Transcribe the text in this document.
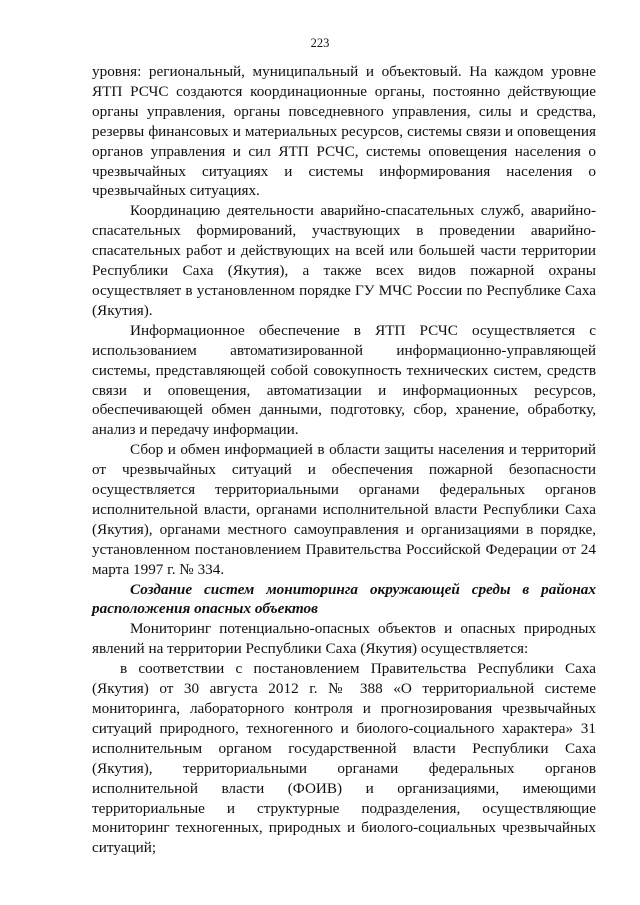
223

уровня: региональный, муниципальный и объектовый. На каждом уровне ЯТП РСЧС создаются координационные органы, постоянно действующие органы управления, органы повседневного управления, силы и средства, резервы финансовых и материальных ресурсов, системы связи и оповещения органов управления и сил ЯТП РСЧС, системы оповещения населения о чрезвычайных ситуациях и системы информирования населения о чрезвычайных ситуациях.

Координацию деятельности аварийно-спасательных служб, аварийно-спасательных формирований, участвующих в проведении аварийно-спасательных работ и действующих на всей или большей части территории Республики Саха (Якутия), а также всех видов пожарной охраны осуществляет в установленном порядке ГУ МЧС России по Республике Саха (Якутия).

Информационное обеспечение в ЯТП РСЧС осуществляется с использованием автоматизированной информационно-управляющей системы, представляющей собой совокупность технических систем, средств связи и оповещения, автоматизации и информационных ресурсов, обеспечивающей обмен данными, подготовку, сбор, хранение, обработку, анализ и передачу информации.

Сбор и обмен информацией в области защиты населения и территорий от чрезвычайных ситуаций и обеспечения пожарной безопасности осуществляется территориальными органами федеральных органов исполнительной власти, органами исполнительной власти Республики Саха (Якутия), органами местного самоуправления и организациями в порядке, установленном постановлением Правительства Российской Федерации от 24 марта 1997 г. № 334.

Создание систем мониторинга окружающей среды в районах расположения опасных объектов

Мониторинг потенциально-опасных объектов и опасных природных явлений на территории Республики Саха (Якутия) осуществляется:

в соответствии с постановлением Правительства Республики Саха (Якутия) от 30 августа 2012 г. № 388 «О территориальной системе мониторинга, лабораторного контроля и прогнозирования чрезвычайных ситуаций природного, техногенного и биолого-социального характера» 31 исполнительным органом государственной власти Республики Саха (Якутия), территориальными органами федеральных органов исполнительной власти (ФОИВ) и организациями, имеющими территориальные и структурные подразделения, осуществляющие мониторинг техногенных, природных и биолого-социальных чрезвычайных ситуаций;
